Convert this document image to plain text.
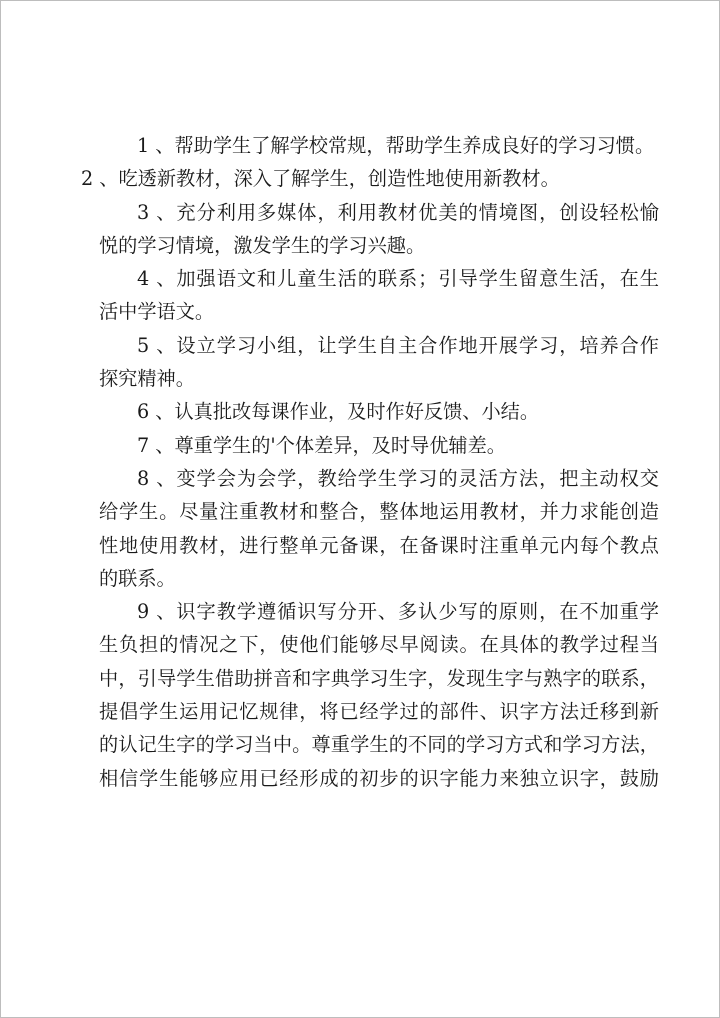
1 、帮助学生了解学校常规，帮助学生养成良好的学习习惯。
2 、吃透新教材，深入了解学生，创造性地使用新教材。
3 、充分利用多媒体，利用教材优美的情境图，创设轻松愉
悦的学习情境，激发学生的学习兴趣。
4 、加强语文和儿童生活的联系；引导学生留意生活，在生
活中学语文。
5 、设立学习小组，让学生自主合作地开展学习，培养合作
探究精神。
6 、认真批改每课作业，及时作好反馈、小结。
7 、尊重学生的'个体差异，及时导优辅差。
8 、变学会为会学，教给学生学习的灵活方法，把主动权交
给学生。尽量注重教材和整合，整体地运用教材，并力求能创造
性地使用教材，进行整单元备课，在备课时注重单元内每个教点
的联系。
9 、识字教学遵循识写分开、多认少写的原则，在不加重学
生负担的情况之下，使他们能够尽早阅读。在具体的教学过程当
中，引导学生借助拼音和字典学习生字，发现生字与熟字的联系，
提倡学生运用记忆规律，将已经学过的部件、识字方法迁移到新
的认记生字的学习当中。尊重学生的不同的学习方式和学习方法，
相信学生能够应用已经形成的初步的识字能力来独立识字，鼓励
